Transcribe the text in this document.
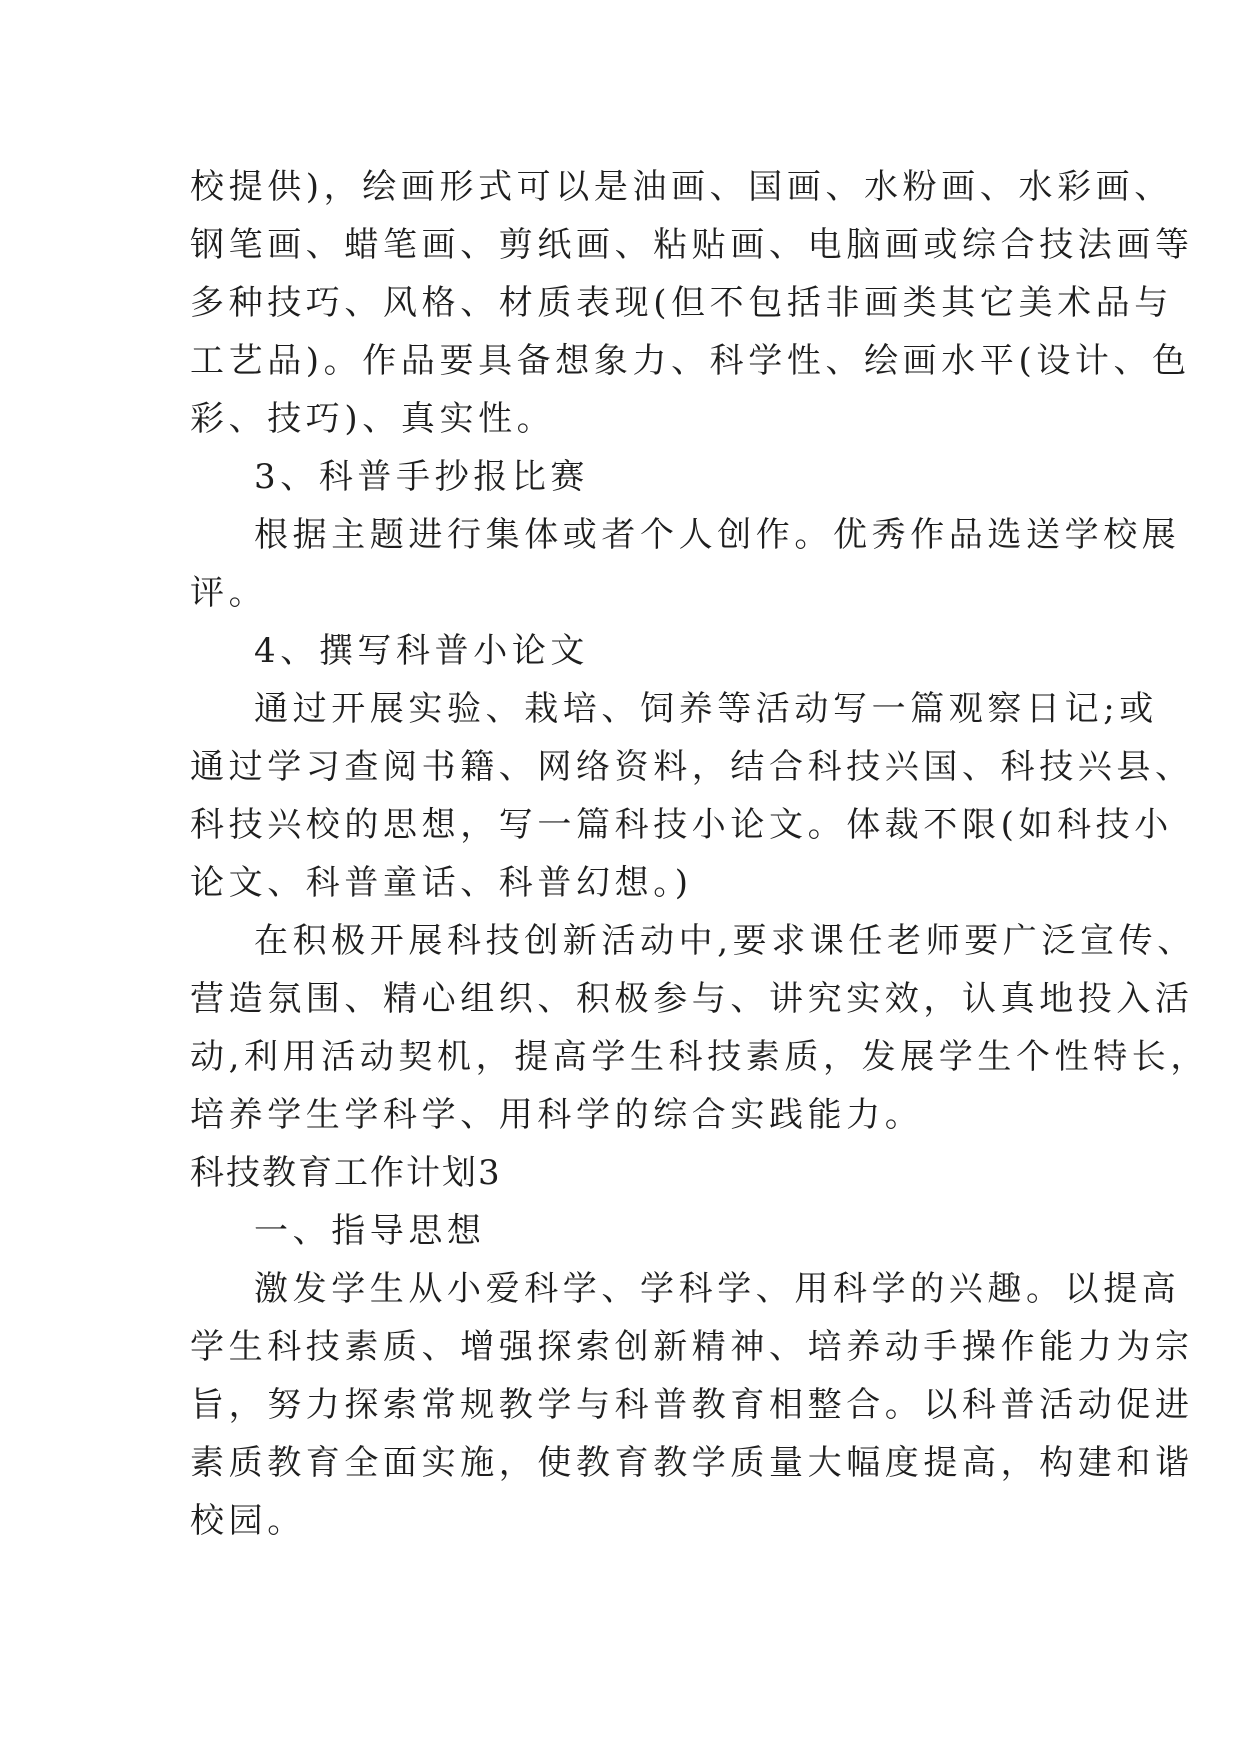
校提供)，绘画形式可以是油画、国画、水粉画、水彩画、
钢笔画、蜡笔画、剪纸画、粘贴画、电脑画或综合技法画等
多种技巧、风格、材质表现(但不包括非画类其它美术品与
工艺品)。作品要具备想象力、科学性、绘画水平(设计、色
彩、技巧)、真实性。
3、科普手抄报比赛
根据主题进行集体或者个人创作。优秀作品选送学校展
评。
4、撰写科普小论文
通过开展实验、栽培、饲养等活动写一篇观察日记;或
通过学习查阅书籍、网络资料，结合科技兴国、科技兴县、
科技兴校的思想，写一篇科技小论文。体裁不限(如科技小
论文、科普童话、科普幻想。)
在积极开展科技创新活动中,要求课任老师要广泛宣传、
营造氛围、精心组织、积极参与、讲究实效，认真地投入活
动,利用活动契机，提高学生科技素质，发展学生个性特长，
培养学生学科学、用科学的综合实践能力。
科技教育工作计划3
一、指导思想
激发学生从小爱科学、学科学、用科学的兴趣。以提高
学生科技素质、增强探索创新精神、培养动手操作能力为宗
旨，努力探索常规教学与科普教育相整合。以科普活动促进
素质教育全面实施，使教育教学质量大幅度提高，构建和谐
校园。
